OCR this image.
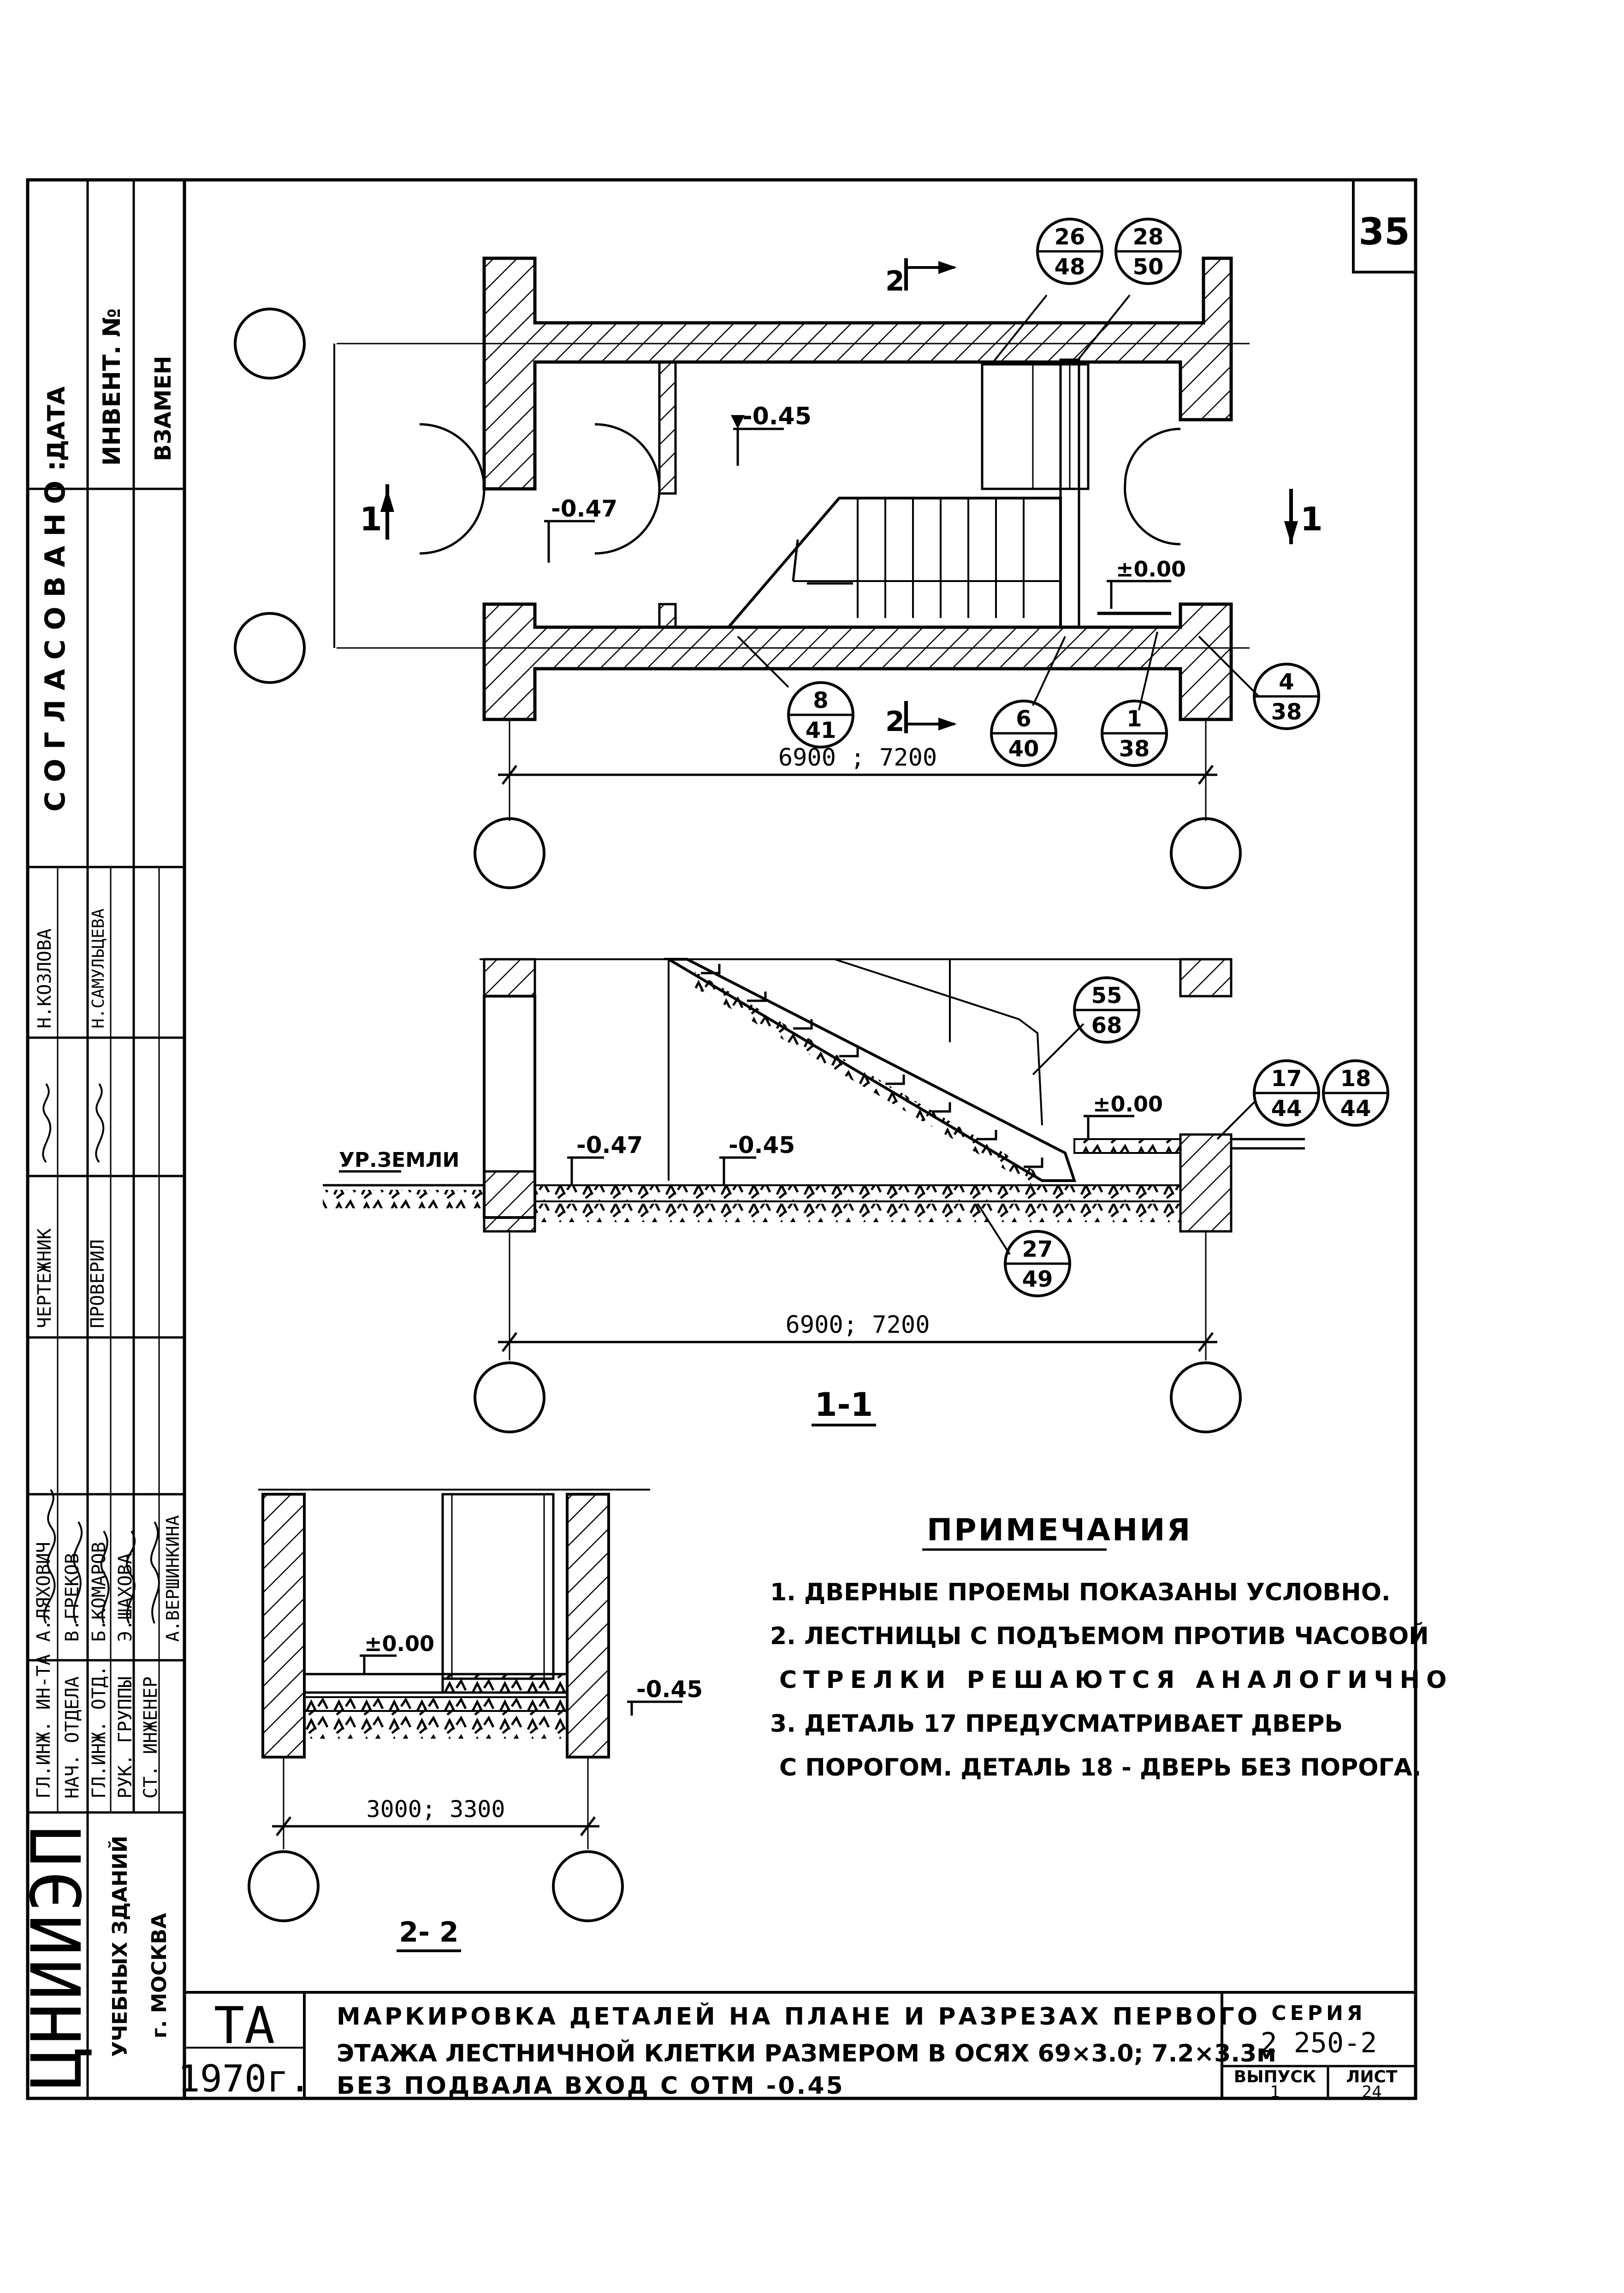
35
СОГЛАСОВАНО:
ДАТА ИНВЕНТ. № ВЗАМЕН
ГЛ.ИНЖ. ИН-ТА
А.ЛЯХОВИЧ
НАЧ. ОТДЕЛА
В.ГРЕКОВ
ГЛ.ИНЖ. ОТД.
Б.КОМАРОВ
РУК. ГРУППЫ
Э.ШАХОВА
СТ. ИНЖЕНЕР
А.ВЕРШИНКИНА
ЧЕРТЕЖНИК
Н.КОЗЛОВА
ПРОВЕРИЛ
Н.САМУЛЬЦЕВА
ЦНИИЭП УЧЕБНЫХ ЗДАНИЙ г. МОСКВА
-0.45
-0.47
±0.00
6900 ; 7200
1	1
2
2
26
48
28
50
8
41	6
40
1
38
4
38
УР.ЗЕМЛИ
-0.47	-0.45
±0.00
6900; 7200
1-1
55
68
17
44
18
44
27
49
±0.00
-0.45
3000; 3300
2- 2
ПРИМЕЧАНИЯ
1. ДВЕРНЫЕ ПРОЕМЫ ПОКАЗАНЫ УСЛОВНО.
2. ЛЕСТНИЦЫ С ПОДЪЕМОМ ПРОТИВ ЧАСОВОЙ
СТРЕЛКИ РЕШАЮТСЯ АНАЛОГИЧНО
3. ДЕТАЛЬ 17 ПРЕДУСМАТРИВАЕТ ДВЕРЬ
С ПОРОГОМ. ДЕТАЛЬ 18 - ДВЕРЬ БЕЗ ПОРОГА.
ТА
1970г.
МАРКИРОВКА ДЕТАЛЕЙ НА ПЛАНЕ И РАЗРЕЗАХ ПЕРВОГО
ЭТАЖА ЛЕСТНИЧНОЙ КЛЕТКИ РАЗМЕРОМ В ОСЯХ 69×3.0; 7.2×3.3м
БЕЗ ПОДВАЛА ВХОД С ОТМ -0.45
СЕРИЯ
2 250-2
ВЫПУСК
1
ЛИСТ
24
